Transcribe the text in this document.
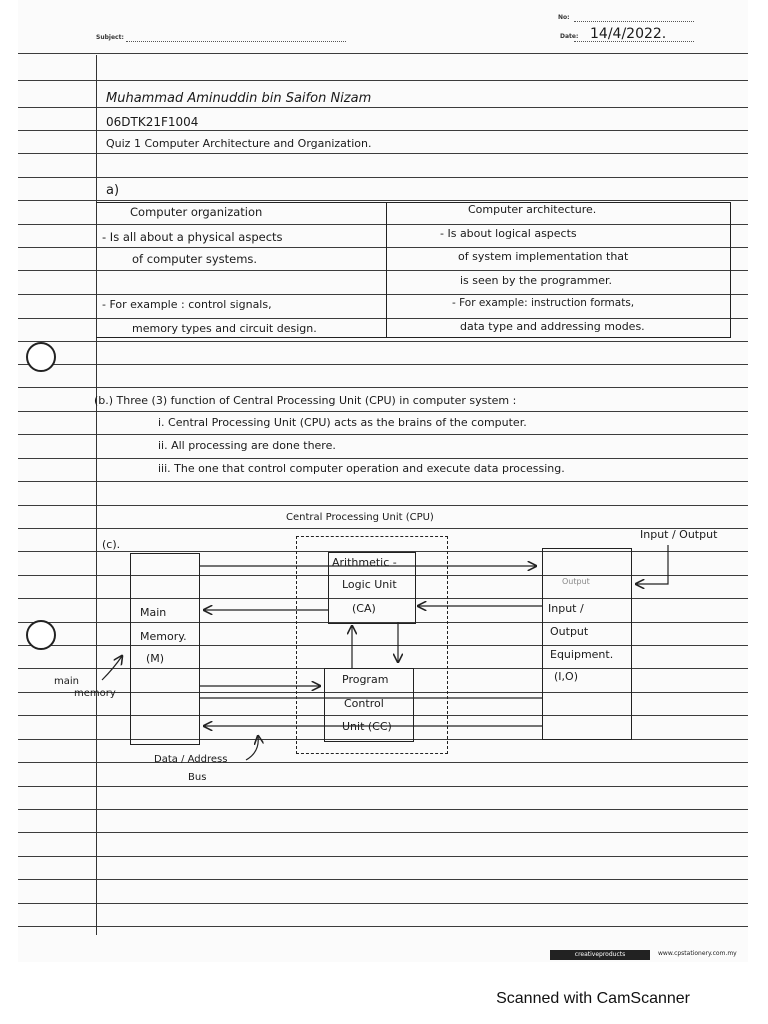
Subject:
No:
Date: 14/4/2022.
Muhammad Aminuddin bin Saifon Nizam
06DTK21F1004
Quiz 1 Computer Architecture and Organization.
a)
Computer organization
- Is all about a physical aspects
of computer systems.
- For example : control signals,
memory types and circuit design.
Computer architecture.
- Is about logical aspects
of system implementation that
is seen by the programmer.
- For example: instruction formats,
data type and addressing modes.
(b.) Three (3) function of Central Processing Unit (CPU) in computer system :
i. Central Processing Unit (CPU) acts as the brains of the computer.
ii. All processing are done there.
iii. The one that control computer operation and execute data processing.
(c).
Central Processing Unit (CPU)
Input / Output
Main
Memory.
(M)
Arithmetic -
Logic Unit
(CA)
Program
Control
Unit (CC)
Input /
Output
Equipment.
(I,O)
Output
main
memory
Data / Address
Bus
creativeproducts	www.cpstationery.com.my
Scanned with CamScanner
